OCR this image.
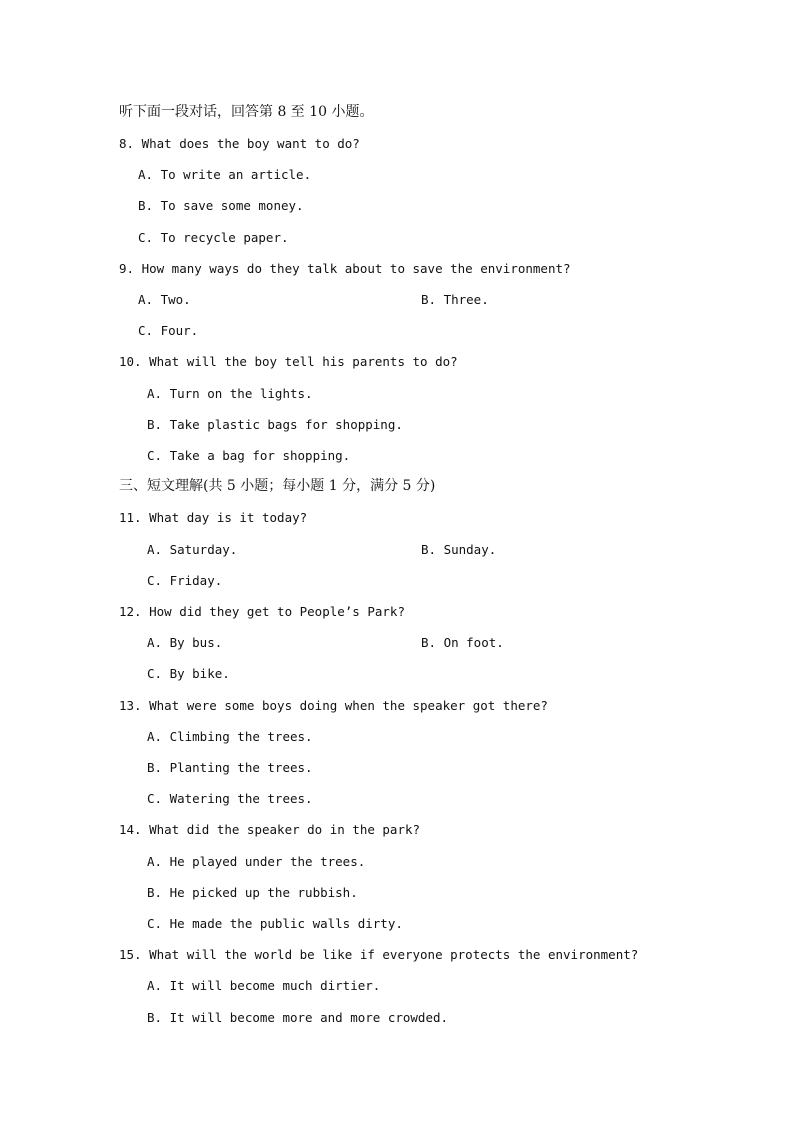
听下面一段对话，回答第 8 至 10 小题。
8. What does the boy want to do?
A. To write an article.
B. To save some money.
C. To recycle paper.
9. How many ways do they talk about to save the environment?
A. Two.	B. Three.
C. Four.
10. What will the boy tell his parents to do?
A. Turn on the lights.
B. Take plastic bags for shopping.
C. Take a bag for shopping.
三、短文理解(共 5 小题；每小题 1 分，满分 5 分)
11. What day is it today?
A. Saturday.	B. Sunday.
C. Friday.
12. How did they get to People’s Park?
A. By bus.	B. On foot.
C. By bike.
13. What were some boys doing when the speaker got there?
A. Climbing the trees.
B. Planting the trees.
C. Watering the trees.
14. What did the speaker do in the park?
A. He played under the trees.
B. He picked up the rubbish.
C. He made the public walls dirty.
15. What will the world be like if everyone protects the environment?
A. It will become much dirtier.
B. It will become more and more crowded.
